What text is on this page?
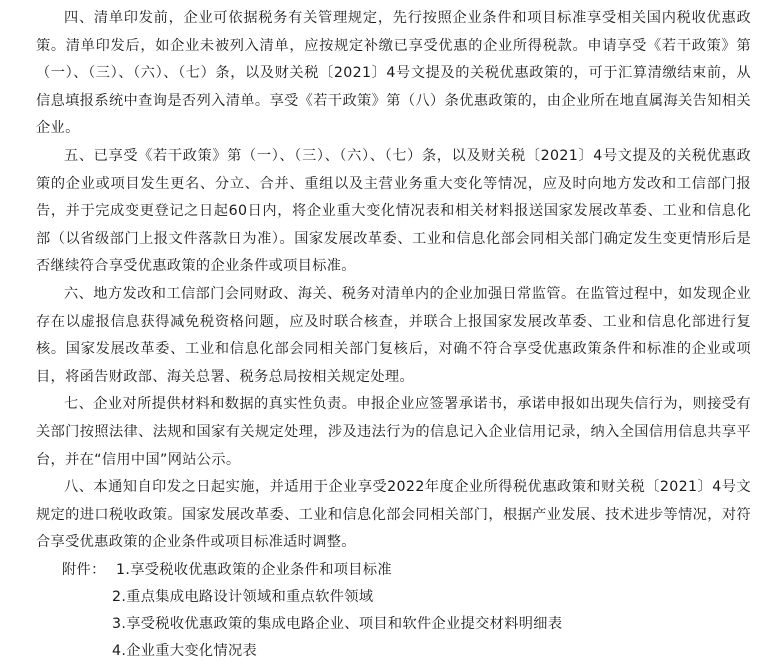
四、清单印发前，企业可依据税务有关管理规定，先行按照企业条件和项目标准享受相关国内税收优惠政策。清单印发后，如企业未被列入清单，应按规定补缴已享受优惠的企业所得税款。申请享受《若干政策》第（一）、（三）、（六）、（七）条，以及财关税〔2021〕4号文提及的关税优惠政策的，可于汇算清缴结束前，从信息填报系统中查询是否列入清单。享受《若干政策》第（八）条优惠政策的，由企业所在地直属海关告知相关企业。

五、已享受《若干政策》第（一）、（三）、（六）、（七）条，以及财关税〔2021〕4号文提及的关税优惠政策的企业或项目发生更名、分立、合并、重组以及主营业务重大变化等情况，应及时向地方发改和工信部门报告，并于完成变更登记之日起60日内，将企业重大变化情况表和相关材料报送国家发展改革委、工业和信息化部（以省级部门上报文件落款日为准）。国家发展改革委、工业和信息化部会同相关部门确定发生变更情形后是否继续符合享受优惠政策的企业条件或项目标准。

六、地方发改和工信部门会同财政、海关、税务对清单内的企业加强日常监管。在监管过程中，如发现企业存在以虚报信息获得减免税资格问题，应及时联合核查，并联合上报国家发展改革委、工业和信息化部进行复核。国家发展改革委、工业和信息化部会同相关部门复核后，对确不符合享受优惠政策条件和标准的企业或项目，将函告财政部、海关总署、税务总局按相关规定处理。

七、企业对所提供材料和数据的真实性负责。申报企业应签署承诺书，承诺申报如出现失信行为，则接受有关部门按照法律、法规和国家有关规定处理，涉及违法行为的信息记入企业信用记录，纳入全国信用信息共享平台，并在“信用中国”网站公示。

八、本通知自印发之日起实施，并适用于企业享受2022年度企业所得税优惠政策和财关税〔2021〕4号文规定的进口税收政策。国家发展改革委、工业和信息化部会同相关部门，根据产业发展、技术进步等情况，对符合享受优惠政策的企业条件或项目标准适时调整。

附件： 1.享受税收优惠政策的企业条件和项目标准
2.重点集成电路设计领域和重点软件领域
3.享受税收优惠政策的集成电路企业、项目和软件企业提交材料明细表
4.企业重大变化情况表
